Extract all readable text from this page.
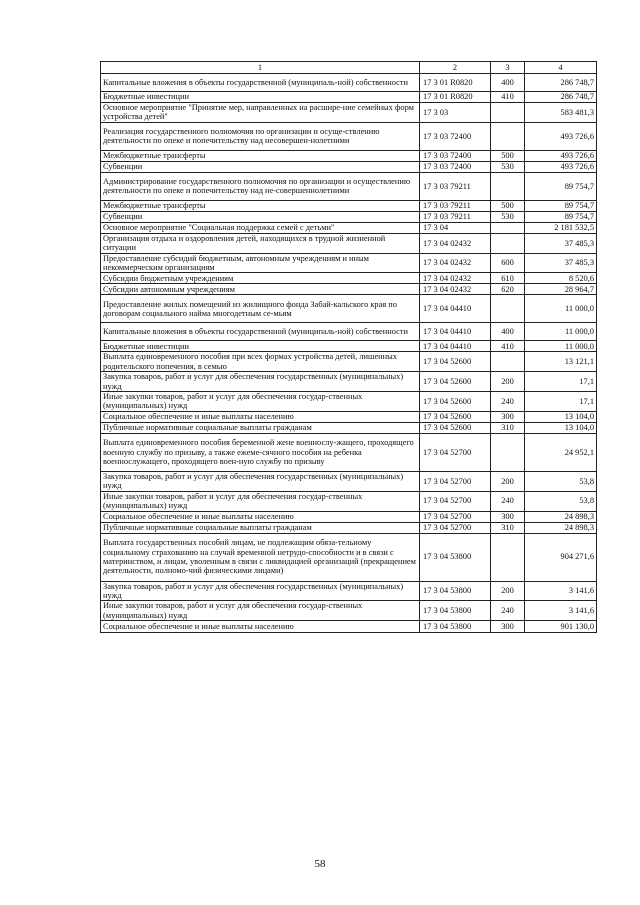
1	2	3	4
Капитальные вложения в объекты государственной (муниципаль-ной) собственности	17 3 01 R0820	400	286 748,7
Бюджетные инвестиции	17 3 01 R0820	410	286 748,7
Основное мероприятие "Принятие мер, направленных на расшире-ние семейных форм устройства детей"	17 3 03		583 481,3
Реализация государственного полномочия по организации и осуще-ствлению деятельности по опеке и попечительству над несовершен-нолетними	17 3 03 72400		493 726,6
Межбюджетные трансферты	17 3 03 72400	500	493 726,6
Субвенции	17 3 03 72400	530	493 726,6
Администрирование государственного полномочия по организации и осуществлению деятельности по опеке и попечительству над не-совершеннолетними	17 3 03 79211		89 754,7
Межбюджетные трансферты	17 3 03 79211	500	89 754,7
Субвенции	17 3 03 79211	530	89 754,7
Основное мероприятие "Социальная поддержка семей с детьми"	17 3 04		2 181 532,5
Организация отдыха и оздоровления детей, находящихся в трудной жизненной ситуации	17 3 04 02432		37 485,3
Предоставление субсидий бюджетным, автономным учреждениям и иным некоммерческим организациям	17 3 04 02432	600	37 485,3
Субсидии бюджетным учреждениям	17 3 04 02432	610	8 520,6
Субсидии автономным учреждениям	17 3 04 02432	620	28 964,7
Предоставление жилых помещений из жилищного фонда Забай-кальского края по договорам социального найма многодетным се-мьям	17 3 04 04410		11 000,0
Капитальные вложения в объекты государственной (муниципаль-ной) собственности	17 3 04 04410	400	11 000,0
Бюджетные инвестиции	17 3 04 04410	410	11 000,0
Выплата единовременного пособия при всех формах устройства детей, лишенных родительского попечения, в семью	17 3 04 52600		13 121,1
Закупка товаров, работ и услуг для обеспечения государственных (муниципальных) нужд	17 3 04 52600	200	17,1
Иные закупки товаров, работ и услуг для обеспечения государ-ственных (муниципальных) нужд	17 3 04 52600	240	17,1
Социальное обеспечение и иные выплаты населению	17 3 04 52600	300	13 104,0
Публичные нормативные социальные выплаты гражданам	17 3 04 52600	310	13 104,0
Выплата единовременного пособия беременной жене военнослу-жащего, проходящего военную службу по призыву, а также ежеме-сячного пособия на ребенка военнослужащего, проходящего воен-ную службу по призыву	17 3 04 52700		24 952,1
Закупка товаров, работ и услуг для обеспечения государственных (муниципальных) нужд	17 3 04 52700	200	53,8
Иные закупки товаров, работ и услуг для обеспечения государ-ственных (муниципальных) нужд	17 3 04 52700	240	53,8
Социальное обеспечение и иные выплаты населению	17 3 04 52700	300	24 898,3
Публичные нормативные социальные выплаты гражданам	17 3 04 52700	310	24 898,3
Выплата государственных пособий лицам, не подлежащим обяза-тельному социальному страхованию на случай временной нетрудо-способности и в связи с материнством, и лицам, уволенным в связи с ликвидацией организаций (прекращением деятельности, полномо-чий физическими лицами)	17 3 04 53800		904 271,6
Закупка товаров, работ и услуг для обеспечения государственных (муниципальных) нужд	17 3 04 53800	200	3 141,6
Иные закупки товаров, работ и услуг для обеспечения государ-ственных (муниципальных) нужд	17 3 04 53800	240	3 141,6
Социальное обеспечение и иные выплаты населению	17 3 04 53800	300	901 130,0
58
